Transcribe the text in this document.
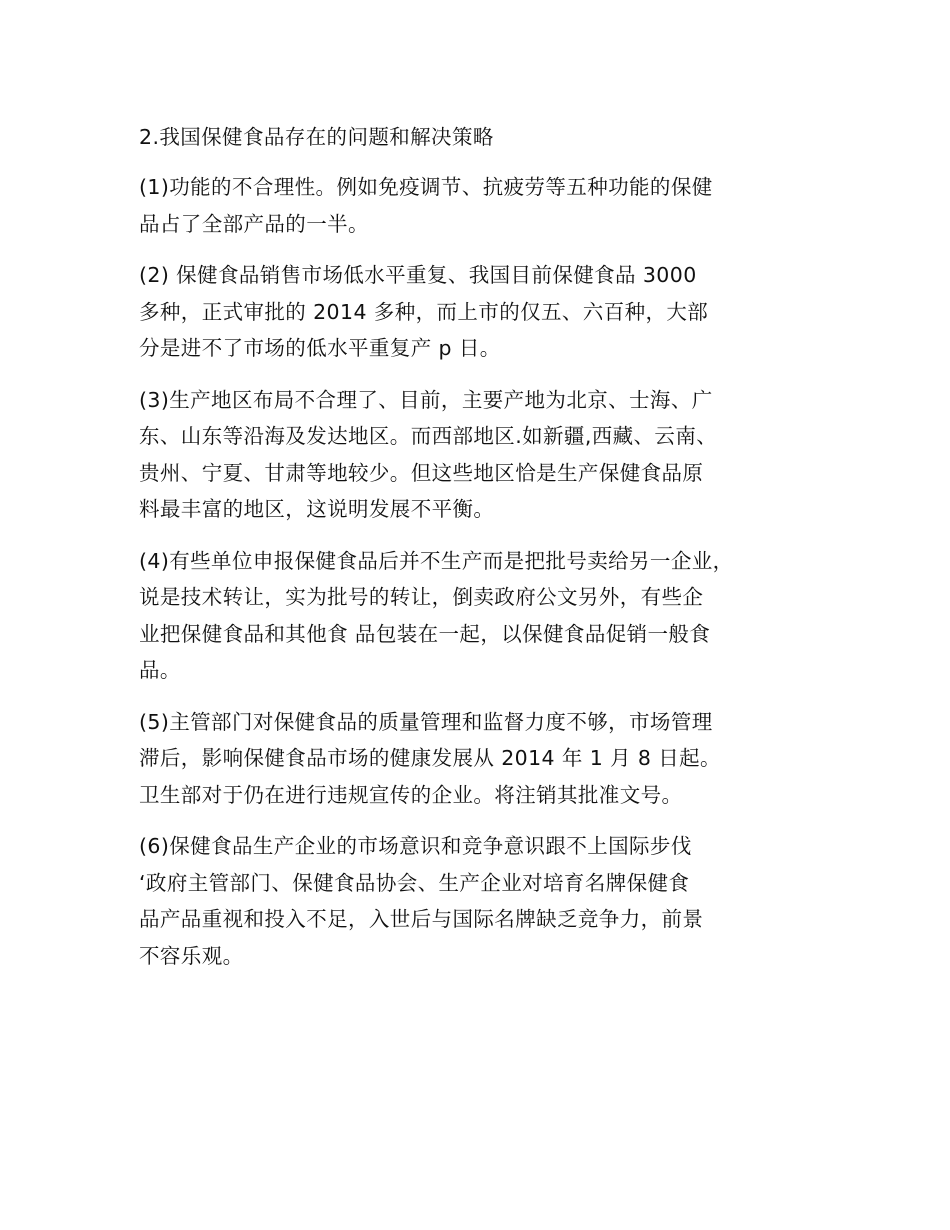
2.我国保健食品存在的问题和解决策略
(1)功能的不合理性。例如免疫调节、抗疲劳等五种功能的保健
品占了全部产品的一半。
(2) 保健食品销售市场低水平重复、我国目前保健食品 3000
多种，正式审批的 2014 多种，而上市的仅五、六百种，大部
分是进不了市场的低水平重复产 p 日。
(3)生产地区布局不合理了、目前，主要产地为北京、士海、广
东、山东等沿海及发达地区。而西部地区.如新疆,西藏、云南、
贵州、宁夏、甘肃等地较少。但这些地区恰是生产保健食品原
料最丰富的地区，这说明发展不平衡。
(4)有些单位申报保健食品后并不生产而是把批号卖给另一企业，
说是技术转让，实为批号的转让，倒卖政府公文另外，有些企
业把保健食品和其他食 品包装在一起，以保健食品促销一般食
品。
(5)主管部门对保健食品的质量管理和监督力度不够，市场管理
滞后，影响保健食品市场的健康发展从 2014 年 1 月 8 日起。
卫生部对于仍在进行违规宣传的企业。将注销其批准文号。
(6)保健食品生产企业的市场意识和竞争意识跟不上国际步伐
‘政府主管部门、保健食品协会、生产企业对培育名牌保健食
品产品重视和投入不足，入世后与国际名牌缺乏竞争力，前景
不容乐观。
